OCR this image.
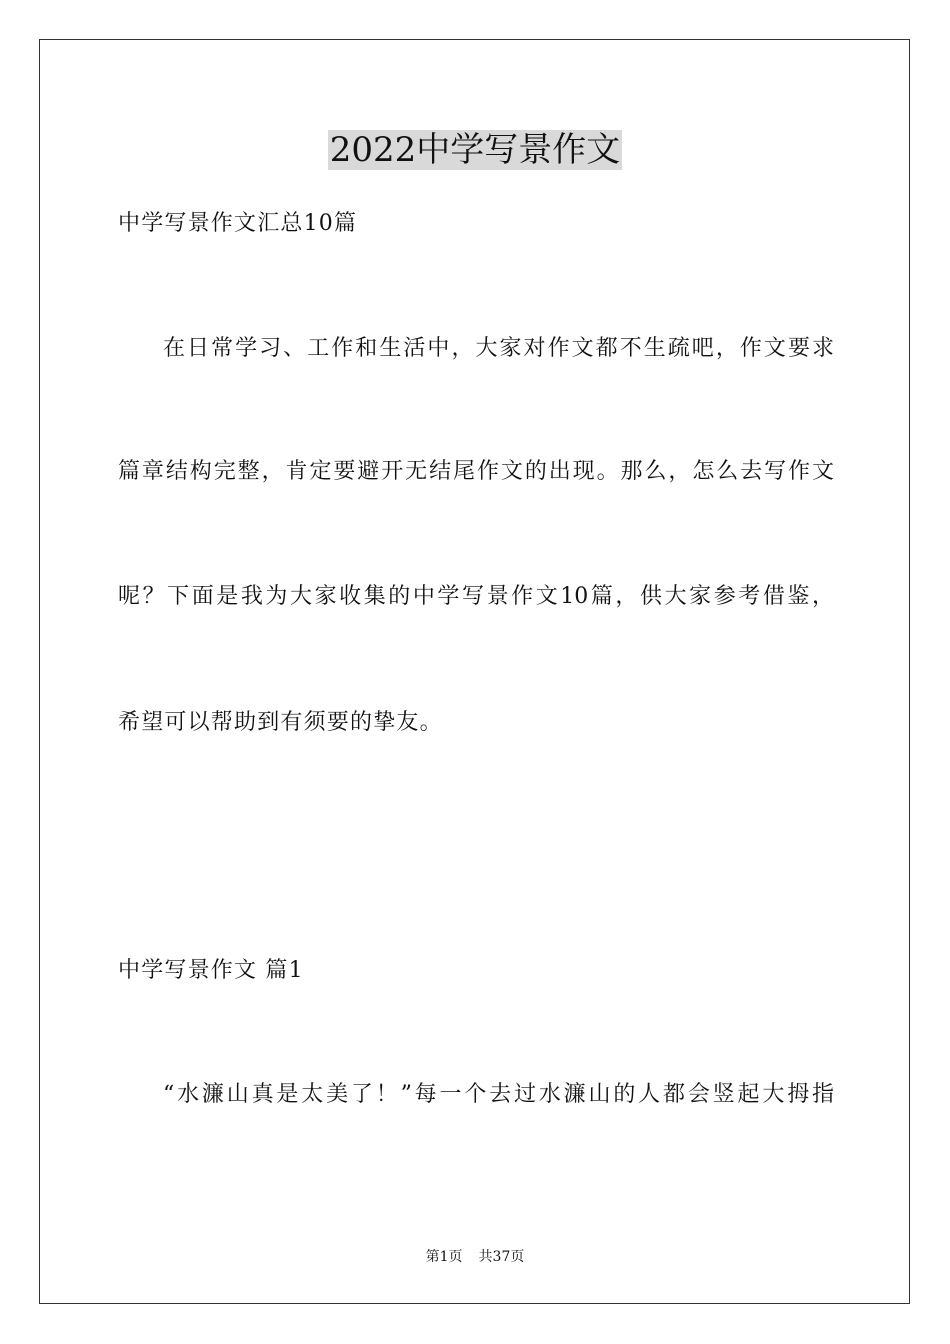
2022中学写景作文
中学写景作文汇总10篇
在日常学习、工作和生活中，大家对作文都不生疏吧，作文要求
篇章结构完整，肯定要避开无结尾作文的出现。那么，怎么去写作文
呢？下面是我为大家收集的中学写景作文10篇，供大家参考借鉴，
希望可以帮助到有须要的挚友。
中学写景作文 篇1
“水濂山真是太美了！”每一个去过水濂山的人都会竖起大拇指
第1页 共37页
